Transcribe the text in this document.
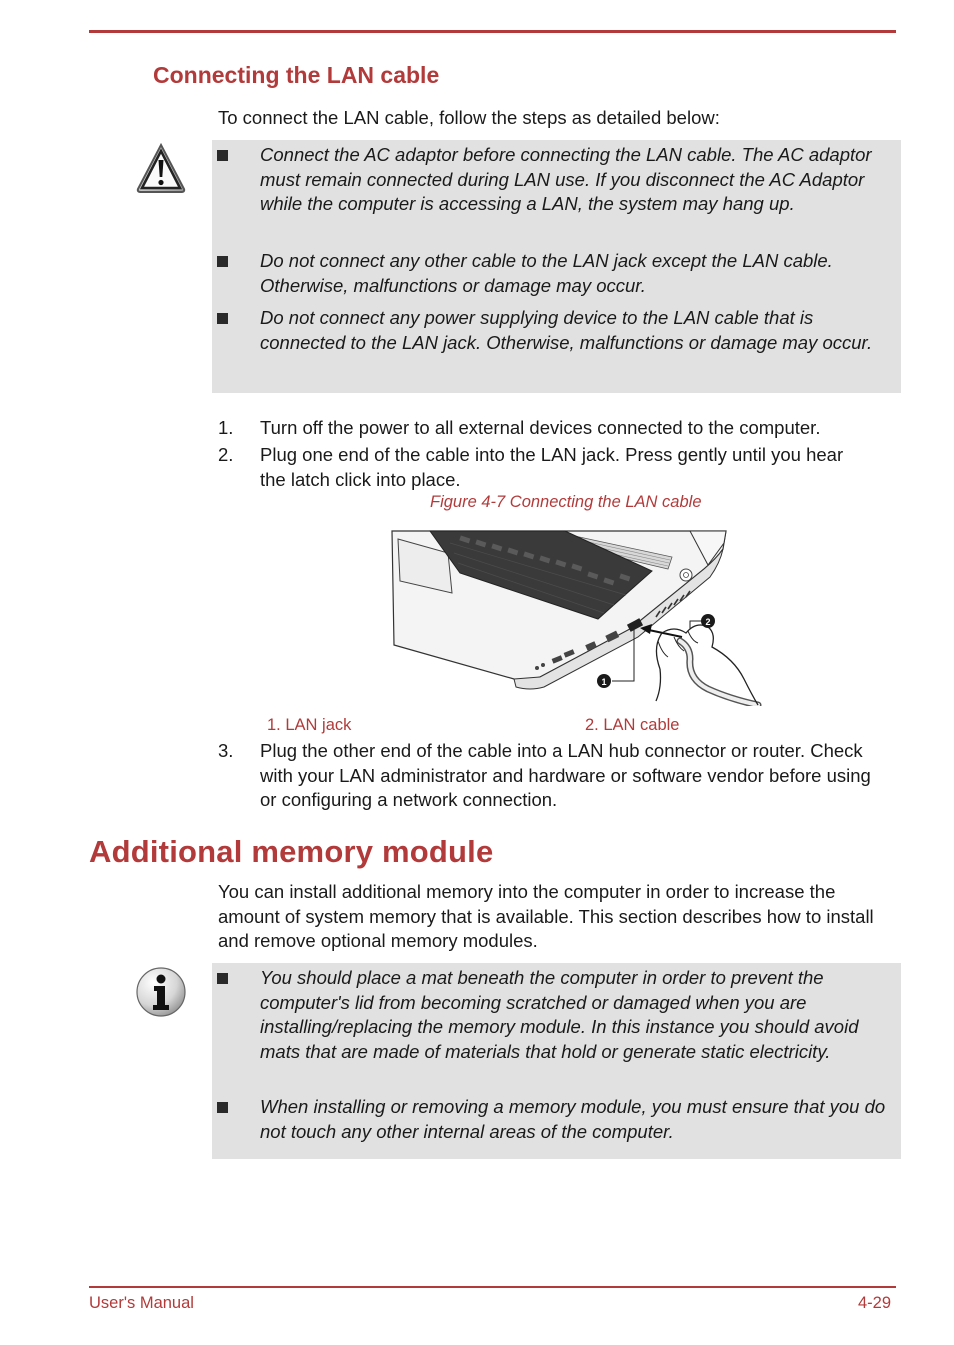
Connecting the LAN cable

To connect the LAN cable, follow the steps as detailed below:

Connect the AC adaptor before connecting the LAN cable. The AC adaptor must remain connected during LAN use. If you disconnect the AC Adaptor while the computer is accessing a LAN, the system may hang up.

Do not connect any other cable to the LAN jack except the LAN cable. Otherwise, malfunctions or damage may occur.

Do not connect any power supplying device to the LAN cable that is connected to the LAN jack. Otherwise, malfunctions or damage may occur.

1. Turn off the power to all external devices connected to the computer.

2. Plug one end of the cable into the LAN jack. Press gently until you hear the latch click into place.

Figure 4-7 Connecting the LAN cable
2
1
1. LAN jack	2. LAN cable
3. Plug the other end of the cable into a LAN hub connector or router. Check with your LAN administrator and hardware or software vendor before using or configuring a network connection.

Additional memory module

You can install additional memory into the computer in order to increase the amount of system memory that is available. This section describes how to install and remove optional memory modules.

You should place a mat beneath the computer in order to prevent the computer's lid from becoming scratched or damaged when you are installing/replacing the memory module. In this instance you should avoid mats that are made of materials that hold or generate static electricity.

When installing or removing a memory module, you must ensure that you do not touch any other internal areas of the computer.

User's Manual	4-29
